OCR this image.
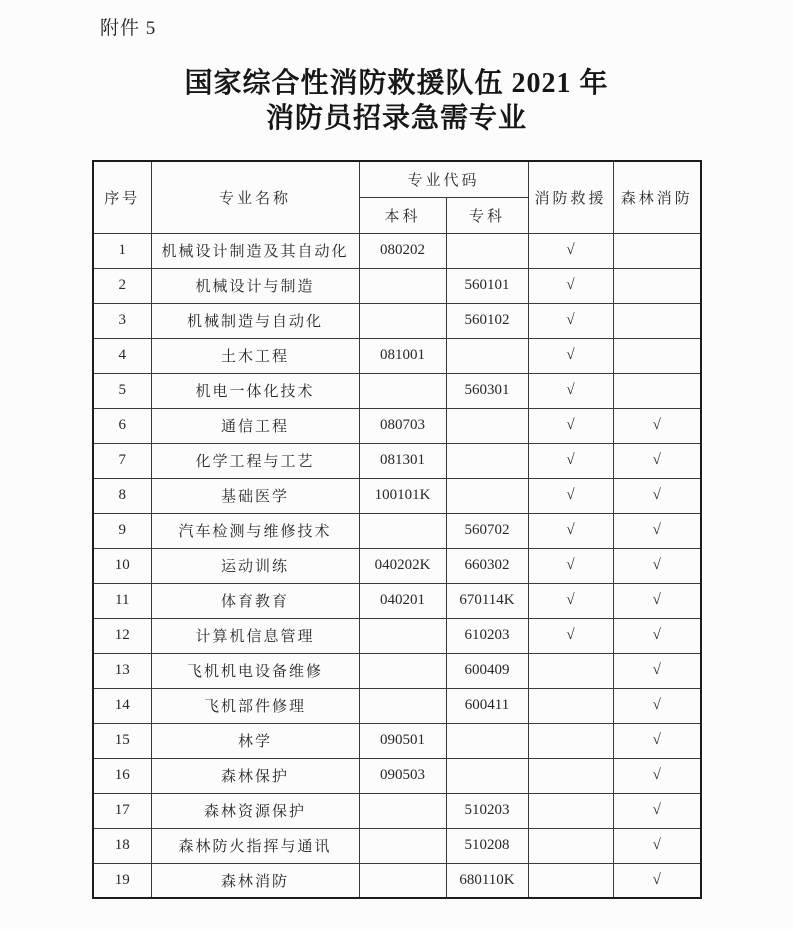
附件 5
国家综合性消防救援队伍 2021 年
消防员招录急需专业
序号	专业名称	专业代码		消防救援	森林消防
		本科	专科		
1	机械设计制造及其自动化	080202		√	
2	机械设计与制造		560101	√	
3	机械制造与自动化		560102	√	
4	土木工程	081001		√	
5	机电一体化技术		560301	√	
6	通信工程	080703		√	√
7	化学工程与工艺	081301		√	√
8	基础医学	100101K		√	√
9	汽车检测与维修技术		560702	√	√
10	运动训练	040202K	660302	√	√
11	体育教育	040201	670114K	√	√
12	计算机信息管理		610203	√	√
13	飞机机电设备维修		600409		√
14	飞机部件修理		600411		√
15	林学	090501			√
16	森林保护	090503			√
17	森林资源保护		510203		√
18	森林防火指挥与通讯		510208		√
19	森林消防		680110K		√
